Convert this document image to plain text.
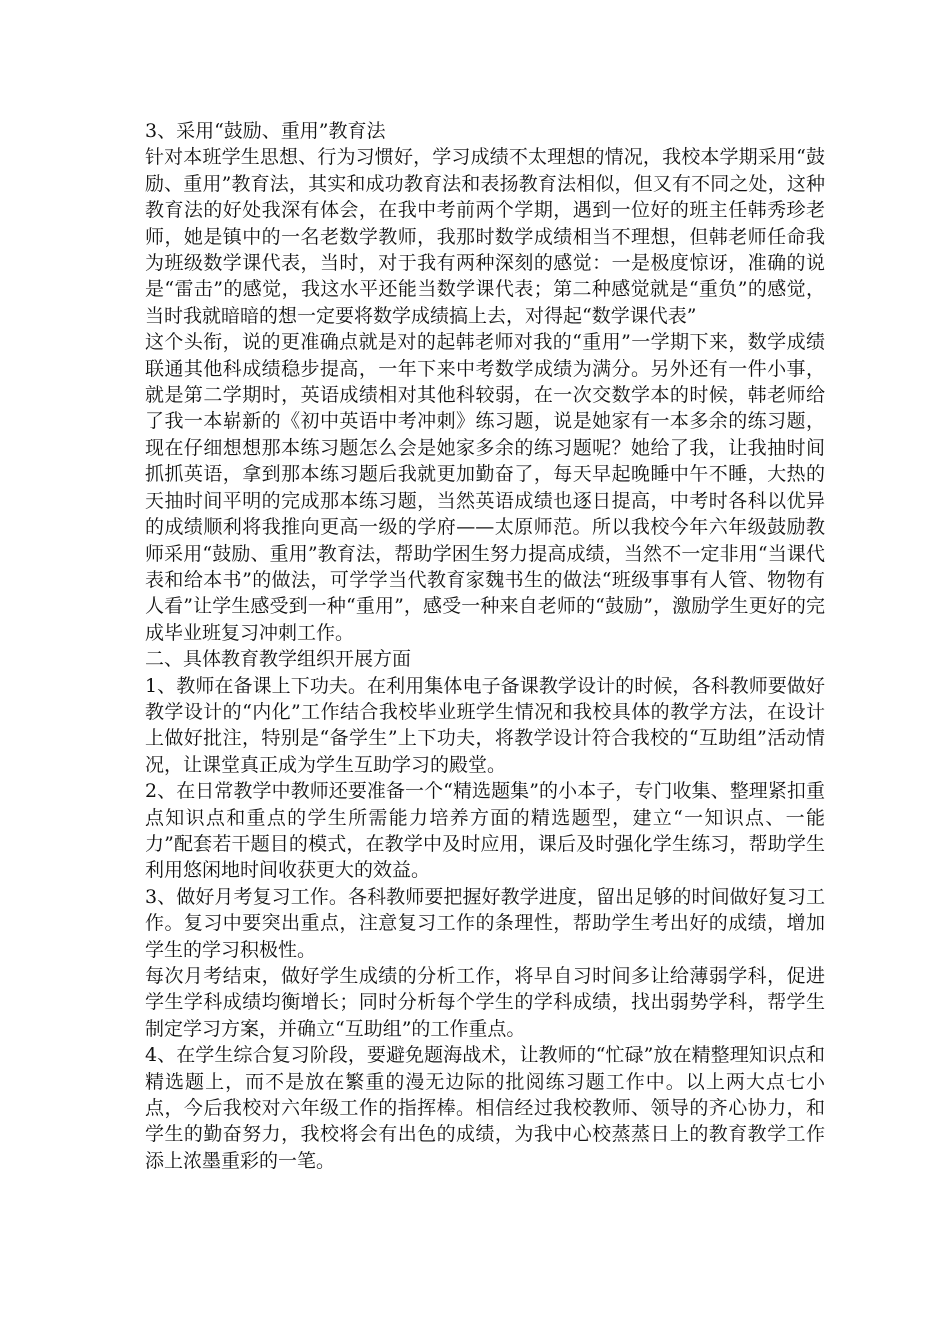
3、采用“鼓励、重用”教育法

针对本班学生思想、行为习惯好，学习成绩不太理想的情况，我校本学期采用“鼓励、重用”教育法，其实和成功教育法和表扬教育法相似，但又有不同之处，这种教育法的好处我深有体会，在我中考前两个学期，遇到一位好的班主任韩秀珍老师，她是镇中的一名老数学教师，我那时数学成绩相当不理想，但韩老师任命我为班级数学课代表，当时，对于我有两种深刻的感觉：一是极度惊讶，准确的说是“雷击”的感觉，我这水平还能当数学课代表；第二种感觉就是“重负”的感觉，当时我就暗暗的想一定要将数学成绩搞上去，对得起“数学课代表”

这个头衔，说的更准确点就是对的起韩老师对我的“重用”一学期下来，数学成绩联通其他科成绩稳步提高，一年下来中考数学成绩为满分。另外还有一件小事，就是第二学期时，英语成绩相对其他科较弱，在一次交数学本的时候，韩老师给了我一本崭新的《初中英语中考冲刺》练习题，说是她家有一本多余的练习题，现在仔细想想那本练习题怎么会是她家多余的练习题呢？她给了我，让我抽时间抓抓英语，拿到那本练习题后我就更加勤奋了，每天早起晚睡中午不睡，大热的天抽时间平明的完成那本练习题，当然英语成绩也逐日提高，中考时各科以优异的成绩顺利将我推向更高一级的学府——太原师范。所以我校今年六年级鼓励教师采用“鼓励、重用”教育法，帮助学困生努力提高成绩，当然不一定非用“当课代表和给本书”的做法，可学学当代教育家魏书生的做法“班级事事有人管、物物有人看”让学生感受到一种“重用”，感受一种来自老师的“鼓励”，激励学生更好的完成毕业班复习冲刺工作。

二、具体教育教学组织开展方面

1、教师在备课上下功夫。在利用集体电子备课教学设计的时候，各科教师要做好教学设计的“内化”工作结合我校毕业班学生情况和我校具体的教学方法，在设计上做好批注，特别是“备学生”上下功夫，将教学设计符合我校的“互助组”活动情况，让课堂真正成为学生互助学习的殿堂。

2、在日常教学中教师还要准备一个“精选题集”的小本子，专门收集、整理紧扣重点知识点和重点的学生所需能力培养方面的精选题型，建立“一知识点、一能力”配套若干题目的模式，在教学中及时应用，课后及时强化学生练习，帮助学生利用悠闲地时间收获更大的效益。

3、做好月考复习工作。各科教师要把握好教学进度，留出足够的时间做好复习工作。复习中要突出重点，注意复习工作的条理性，帮助学生考出好的成绩，增加学生的学习积极性。

每次月考结束，做好学生成绩的分析工作，将早自习时间多让给薄弱学科，促进学生学科成绩均衡增长；同时分析每个学生的学科成绩，找出弱势学科，帮学生制定学习方案，并确立“互助组”的工作重点。

4、在学生综合复习阶段，要避免题海战术，让教师的“忙碌”放在精整理知识点和精选题上，而不是放在繁重的漫无边际的批阅练习题工作中。以上两大点七小点，今后我校对六年级工作的指挥棒。相信经过我校教师、领导的齐心协力，和学生的勤奋努力，我校将会有出色的成绩，为我中心校蒸蒸日上的教育教学工作添上浓墨重彩的一笔。
